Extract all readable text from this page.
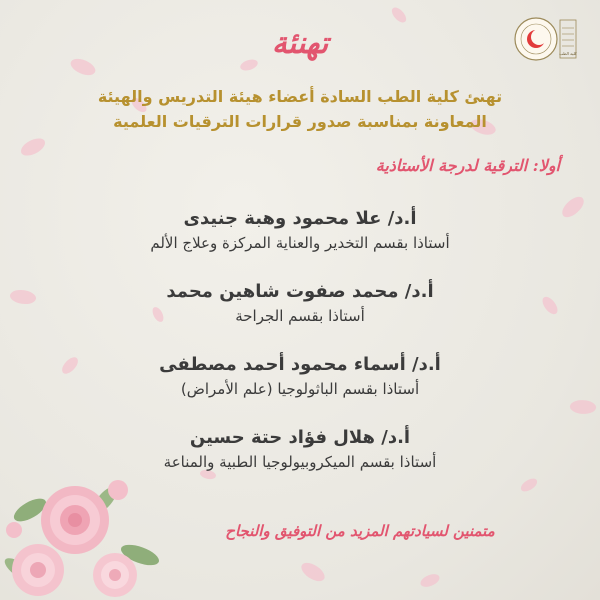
كلية الطب
تهنئة
تهنئ كلية الطب السادة أعضاء هيئة التدريس والهيئة
المعاونة بمناسبة صدور قرارات الترقيات العلمية
أولا: الترقية لدرجة الأستاذية
أ.د/ علا محمود وهبة جنيدى
أستاذا بقسم التخدير والعناية المركزة وعلاج الألم
أ.د/ محمد صفوت شاهين محمد
أستاذا بقسم الجراحة
أ.د/ أسماء محمود أحمد مصطفى
أستاذا بقسم الباثولوجيا (علم الأمراض)
أ.د/ هلال فؤاد حتة حسين
أستاذا بقسم الميكروبيولوجيا الطبية والمناعة
متمنين لسيادتهم المزيد من التوفيق والنجاح
